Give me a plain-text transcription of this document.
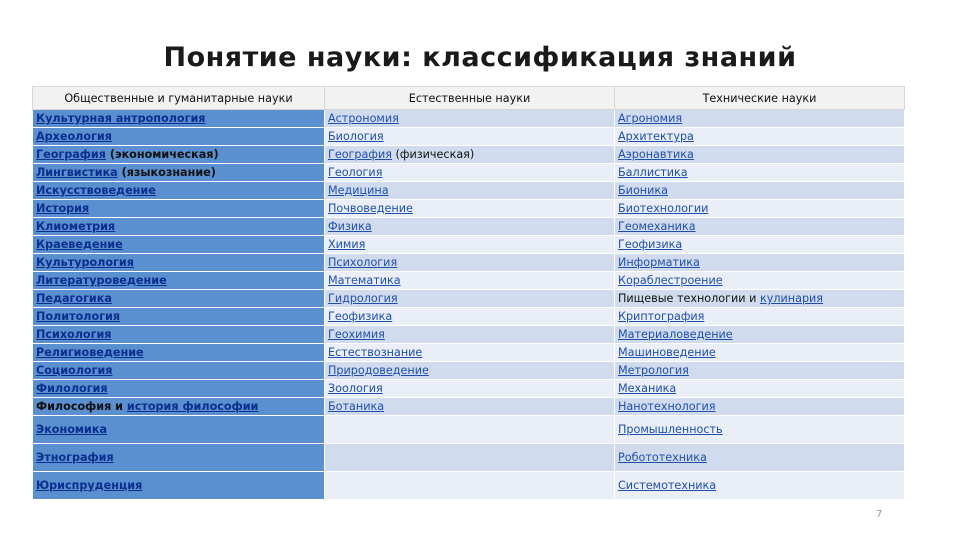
Понятие науки: классификация знаний
Общественные и гуманитарные науки	Естественные науки	Технические науки
Культурная антропология	Астрономия	Агрономия
Археология	Биология	Архитектура
География (экономическая)	География (физическая)	Аэронавтика
Лингвистика (языкознание)	Геология	Баллистика
Искусствоведение	Медицина	Бионика
История	Почвоведение	Биотехнологии
Клиометрия	Физика	Геомеханика
Краеведение	Химия	Геофизика
Культурология	Психология	Информатика
Литературоведение	Математика	Кораблестроение
Педагогика	Гидрология	Пищевые технологии и кулинария
Политология	Геофизика	Криптография
Психология	Геохимия	Материаловедение
Религиоведение	Естествознание	Машиноведение
Социология	Природоведение	Метрология
Филология	Зоология	Механика
Философия и история философии	Ботаника	Нанотехнология
Экономика		Промышленность
Этнография		Робототехника
Юриспруденция		Системотехника
7
